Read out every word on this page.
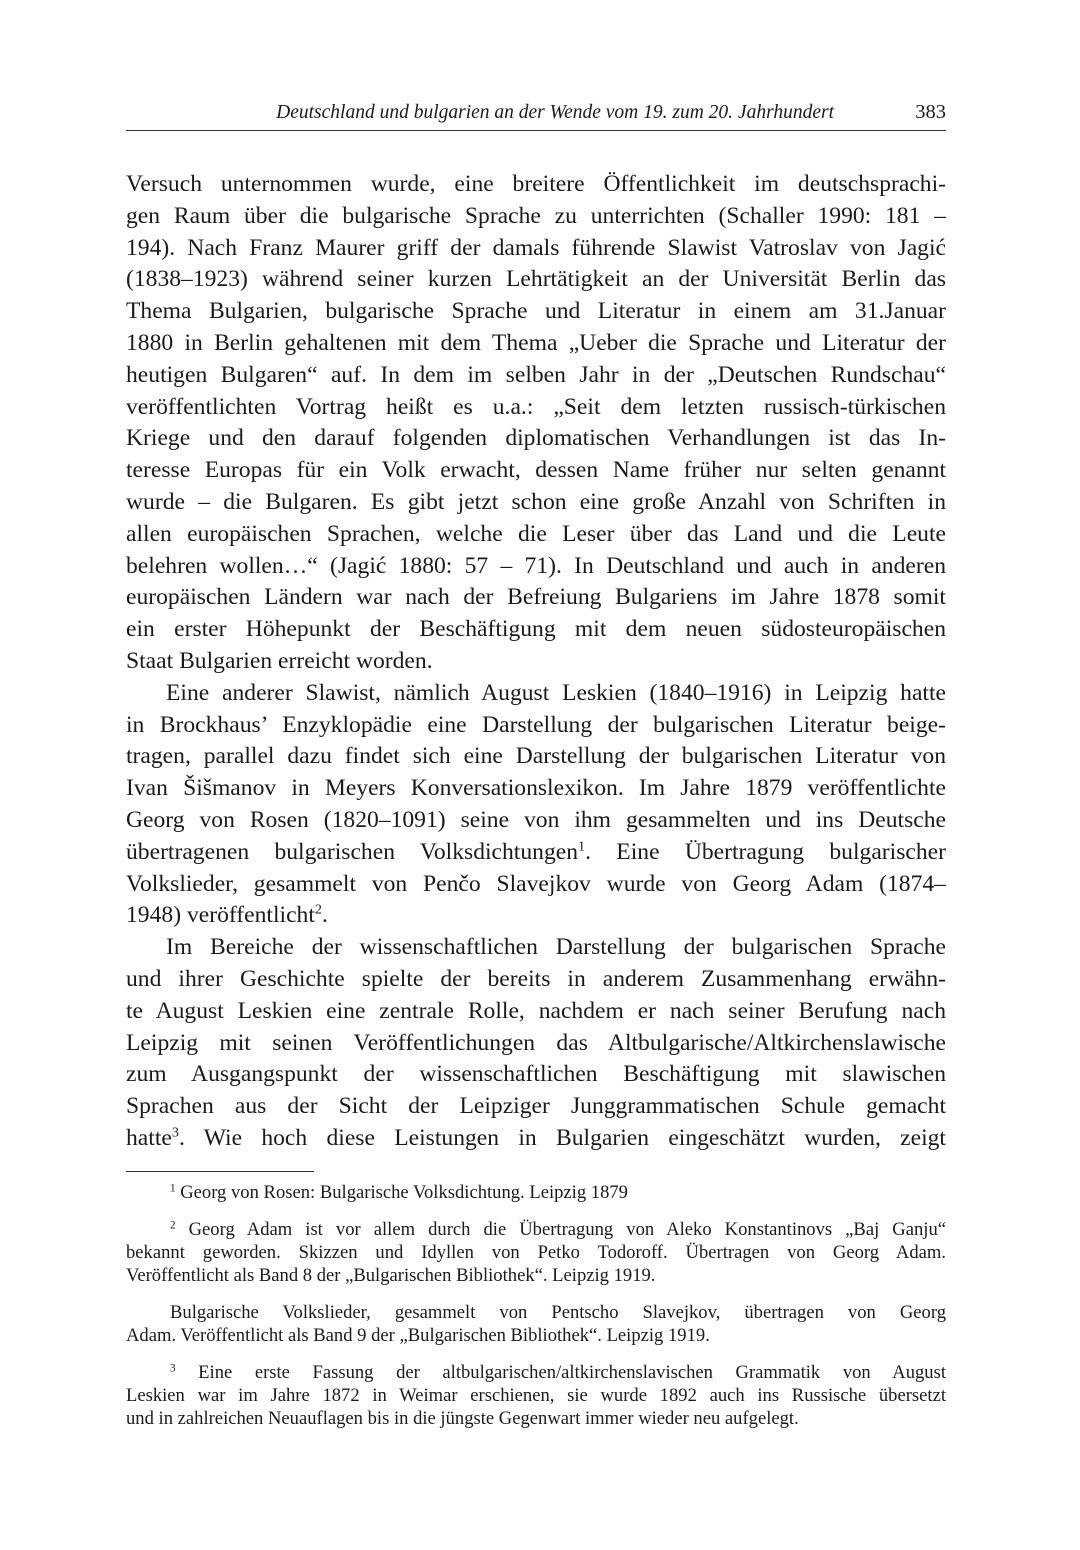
Deutschland und bulgarien an der Wende vom 19. zum 20. Jahrhundert	383
Versuch unternommen wurde, eine breitere Öffentlichkeit im deutschsprachi-
gen Raum über die bulgarische Sprache zu unterrichten (Schaller 1990: 181 –
194). Nach Franz Maurer griff der damals führende Slawist Vatroslav von Jagić
(1838–1923) während seiner kurzen Lehrtätigkeit an der Universität Berlin das
Thema Bulgarien, bulgarische Sprache und Literatur in einem am 31.Januar
1880 in Berlin gehaltenen mit dem Thema „Ueber die Sprache und Literatur der
heutigen Bulgaren“ auf. In dem im selben Jahr in der „Deutschen Rundschau“
veröffentlichten Vortrag heißt es u.a.: „Seit dem letzten russisch-türkischen
Kriege und den darauf folgenden diplomatischen Verhandlungen ist das In-
teresse Europas für ein Volk erwacht, dessen Name früher nur selten genannt
wurde – die Bulgaren. Es gibt jetzt schon eine große Anzahl von Schriften in
allen europäischen Sprachen, welche die Leser über das Land und die Leute
belehren wollen…“ (Jagić 1880: 57 – 71). In Deutschland und auch in anderen
europäischen Ländern war nach der Befreiung Bulgariens im Jahre 1878 somit
ein erster Höhepunkt der Beschäftigung mit dem neuen südosteuropäischen
Staat Bulgarien erreicht worden.
Eine anderer Slawist, nämlich August Leskien (1840–1916) in Leipzig hatte
in Brockhaus’ Enzyklopädie eine Darstellung der bulgarischen Literatur beige-
tragen, parallel dazu findet sich eine Darstellung der bulgarischen Literatur von
Ivan Šišmanov in Meyers Konversationslexikon. Im Jahre 1879 veröffentlichte
Georg von Rosen (1820–1091) seine von ihm gesammelten und ins Deutsche
übertragenen bulgarischen Volksdichtungen$^1$. Eine Übertragung bulgarischer
Volkslieder, gesammelt von Penčo Slavejkov wurde von Georg Adam (1874–
1948) veröffentlicht$^2$.
Im Bereiche der wissenschaftlichen Darstellung der bulgarischen Sprache
und ihrer Geschichte spielte der bereits in anderem Zusammenhang erwähn-
te August Leskien eine zentrale Rolle, nachdem er nach seiner Berufung nach
Leipzig mit seinen Veröffentlichungen das Altbulgarische/Altkirchenslawische
zum Ausgangspunkt der wissenschaftlichen Beschäftigung mit slawischen
Sprachen aus der Sicht der Leipziger Junggrammatischen Schule gemacht
hatte$^3$. Wie hoch diese Leistungen in Bulgarien eingeschätzt wurden, zeigt
$^1$ Georg von Rosen: Bulgarische Volksdichtung. Leipzig 1879
$^2$ Georg Adam ist vor allem durch die Übertragung von Aleko Konstantinovs „Baj Ganju“
bekannt geworden. Skizzen und Idyllen von Petko Todoroff. Übertragen von Georg Adam.
Veröffentlicht als Band 8 der „Bulgarischen Bibliothek“. Leipzig 1919.
Bulgarische Volkslieder, gesammelt von Pentscho Slavejkov, übertragen von Georg
Adam. Veröffentlicht als Band 9 der „Bulgarischen Bibliothek“. Leipzig 1919.
$^3$ Eine erste Fassung der altbulgarischen/altkirchenslavischen Grammatik von August
Leskien war im Jahre 1872 in Weimar erschienen, sie wurde 1892 auch ins Russische übersetzt
und in zahlreichen Neuauflagen bis in die jüngste Gegenwart immer wieder neu aufgelegt.
